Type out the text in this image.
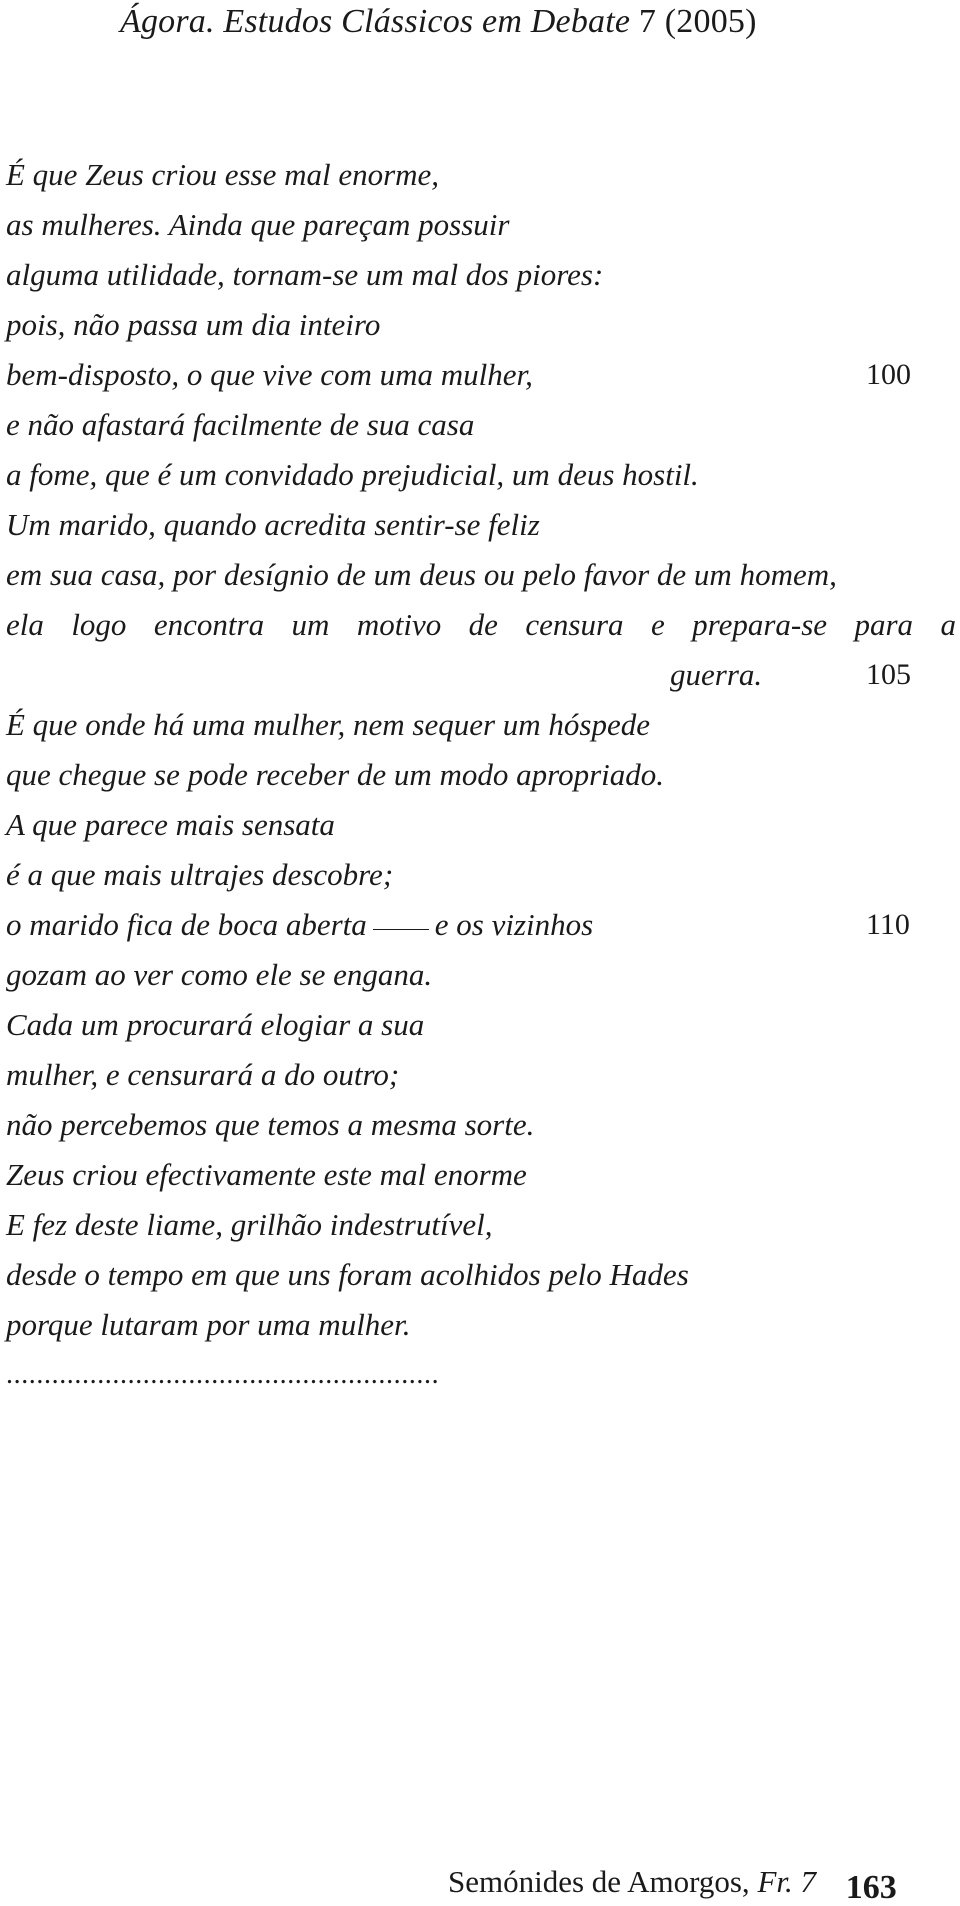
Ágora. Estudos Clássicos em Debate 7 (2005)
É que Zeus criou esse mal enorme,
as mulheres. Ainda que pareçam possuir
alguma utilidade, tornam-se um mal dos piores:
pois, não passa um dia inteiro
bem-disposto, o que vive com uma mulher,	100
e não afastará facilmente de sua casa
a fome, que é um convidado prejudicial, um deus hostil.
Um marido, quando acredita sentir-se feliz
em sua casa, por desígnio de um deus ou pelo favor de um homem,
ela logo encontra um motivo de censura e prepara-se para a
guerra.	105
É que onde há uma mulher, nem sequer um hóspede
que chegue se pode receber de um modo apropriado.
A que parece mais sensata
é a que mais ultrajes descobre;
o marido fica de boca aberta e os vizinhos	110
gozam ao ver como ele se engana.
Cada um procurará elogiar a sua
mulher, e censurará a do outro;
não percebemos que temos a mesma sorte.
Zeus criou efectivamente este mal enorme
E fez deste liame, grilhão indestrutível,
desde o tempo em que uns foram acolhidos pelo Hades
porque lutaram por uma mulher.
.........................................................
Semónides de Amorgos, Fr. 7 163
